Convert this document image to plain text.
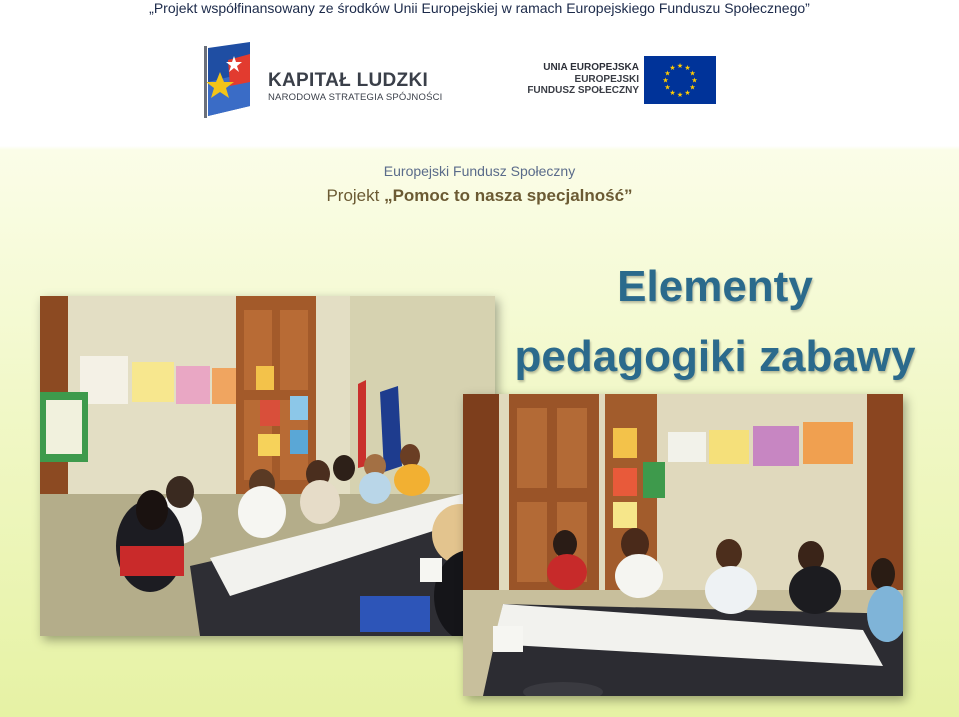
„Projekt współfinansowany ze środków Unii Europejskiej w ramach Europejskiego Funduszu Społecznego”
KAPITAŁ LUDZKI
NARODOWA STRATEGIA SPÓJNOŚCI
UNIA EUROPEJSKA
EUROPEJSKI
FUNDUSZ SPOŁECZNY
★ ★
★
★
★
★
★
★
★
★
★
★
Europejski Fundusz Społeczny
Projekt „Pomoc to nasza specjalność”
Elementy
pedagogiki zabawy
